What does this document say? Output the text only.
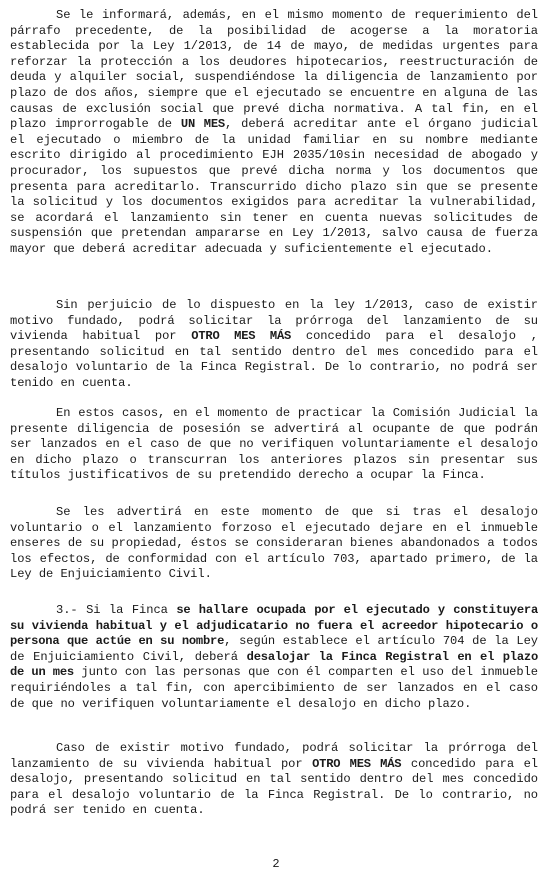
Se le informará, además, en el mismo momento de requerimiento del párrafo precedente, de la posibilidad de acogerse a la moratoria establecida por la Ley 1/2013, de 14 de mayo, de medidas urgentes para reforzar la protección a los deudores hipotecarios, reestructuración de deuda y alquiler social, suspendiéndose la diligencia de lanzamiento por plazo de dos años, siempre que el ejecutado se encuentre en alguna de las causas de exclusión social que prevé dicha normativa. A tal fin, en el plazo improrrogable de UN MES, deberá acreditar ante el órgano judicial el ejecutado o miembro de la unidad familiar en su nombre mediante escrito dirigido al procedimiento EJH 2035/10sin necesidad de abogado y procurador, los supuestos que prevé dicha norma y los documentos que presenta para acreditarlo. Transcurrido dicho plazo sin que se presente la solicitud y los documentos exigidos para acreditar la vulnerabilidad, se acordará el lanzamiento sin tener en cuenta nuevas solicitudes de suspensión que pretendan ampararse en Ley 1/2013, salvo causa de fuerza mayor que deberá acreditar adecuada y suficientemente el ejecutado.
Sin perjuicio de lo dispuesto en la ley 1/2013, caso de existir motivo fundado, podrá solicitar la prórroga del lanzamiento de su vivienda habitual por OTRO MES MÁS concedido para el desalojo , presentando solicitud en tal sentido dentro del mes concedido para el desalojo voluntario de la Finca Registral. De lo contrario, no podrá ser tenido en cuenta.
En estos casos, en el momento de practicar la Comisión Judicial la presente diligencia de posesión se advertirá al ocupante de que podrán ser lanzados en el caso de que no verifiquen voluntariamente el desalojo en dicho plazo o transcurran los anteriores plazos sin presentar sus títulos justificativos de su pretendido derecho a ocupar la Finca.
Se les advertirá en este momento de que si tras el desalojo voluntario o el lanzamiento forzoso el ejecutado dejare en el inmueble enseres de su propiedad, éstos se consideraran bienes abandonados a todos los efectos, de conformidad con el artículo 703, apartado primero, de la Ley de Enjuiciamiento Civil.
3.- Si la Finca se hallare ocupada por el ejecutado y constituyera su vivienda habitual y el adjudicatario no fuera el acreedor hipotecario o persona que actúe en su nombre, según establece el artículo 704 de la Ley de Enjuiciamiento Civil, deberá desalojar la Finca Registral en el plazo de un mes junto con las personas que con él comparten el uso del inmueble requiriéndoles a tal fin, con apercibimiento de ser lanzados en el caso de que no verifiquen voluntariamente el desalojo en dicho plazo.
Caso de existir motivo fundado, podrá solicitar la prórroga del lanzamiento de su vivienda habitual por OTRO MES MÁS concedido para el desalojo, presentando solicitud en tal sentido dentro del mes concedido para el desalojo voluntario de la Finca Registral. De lo contrario, no podrá ser tenido en cuenta.
2
